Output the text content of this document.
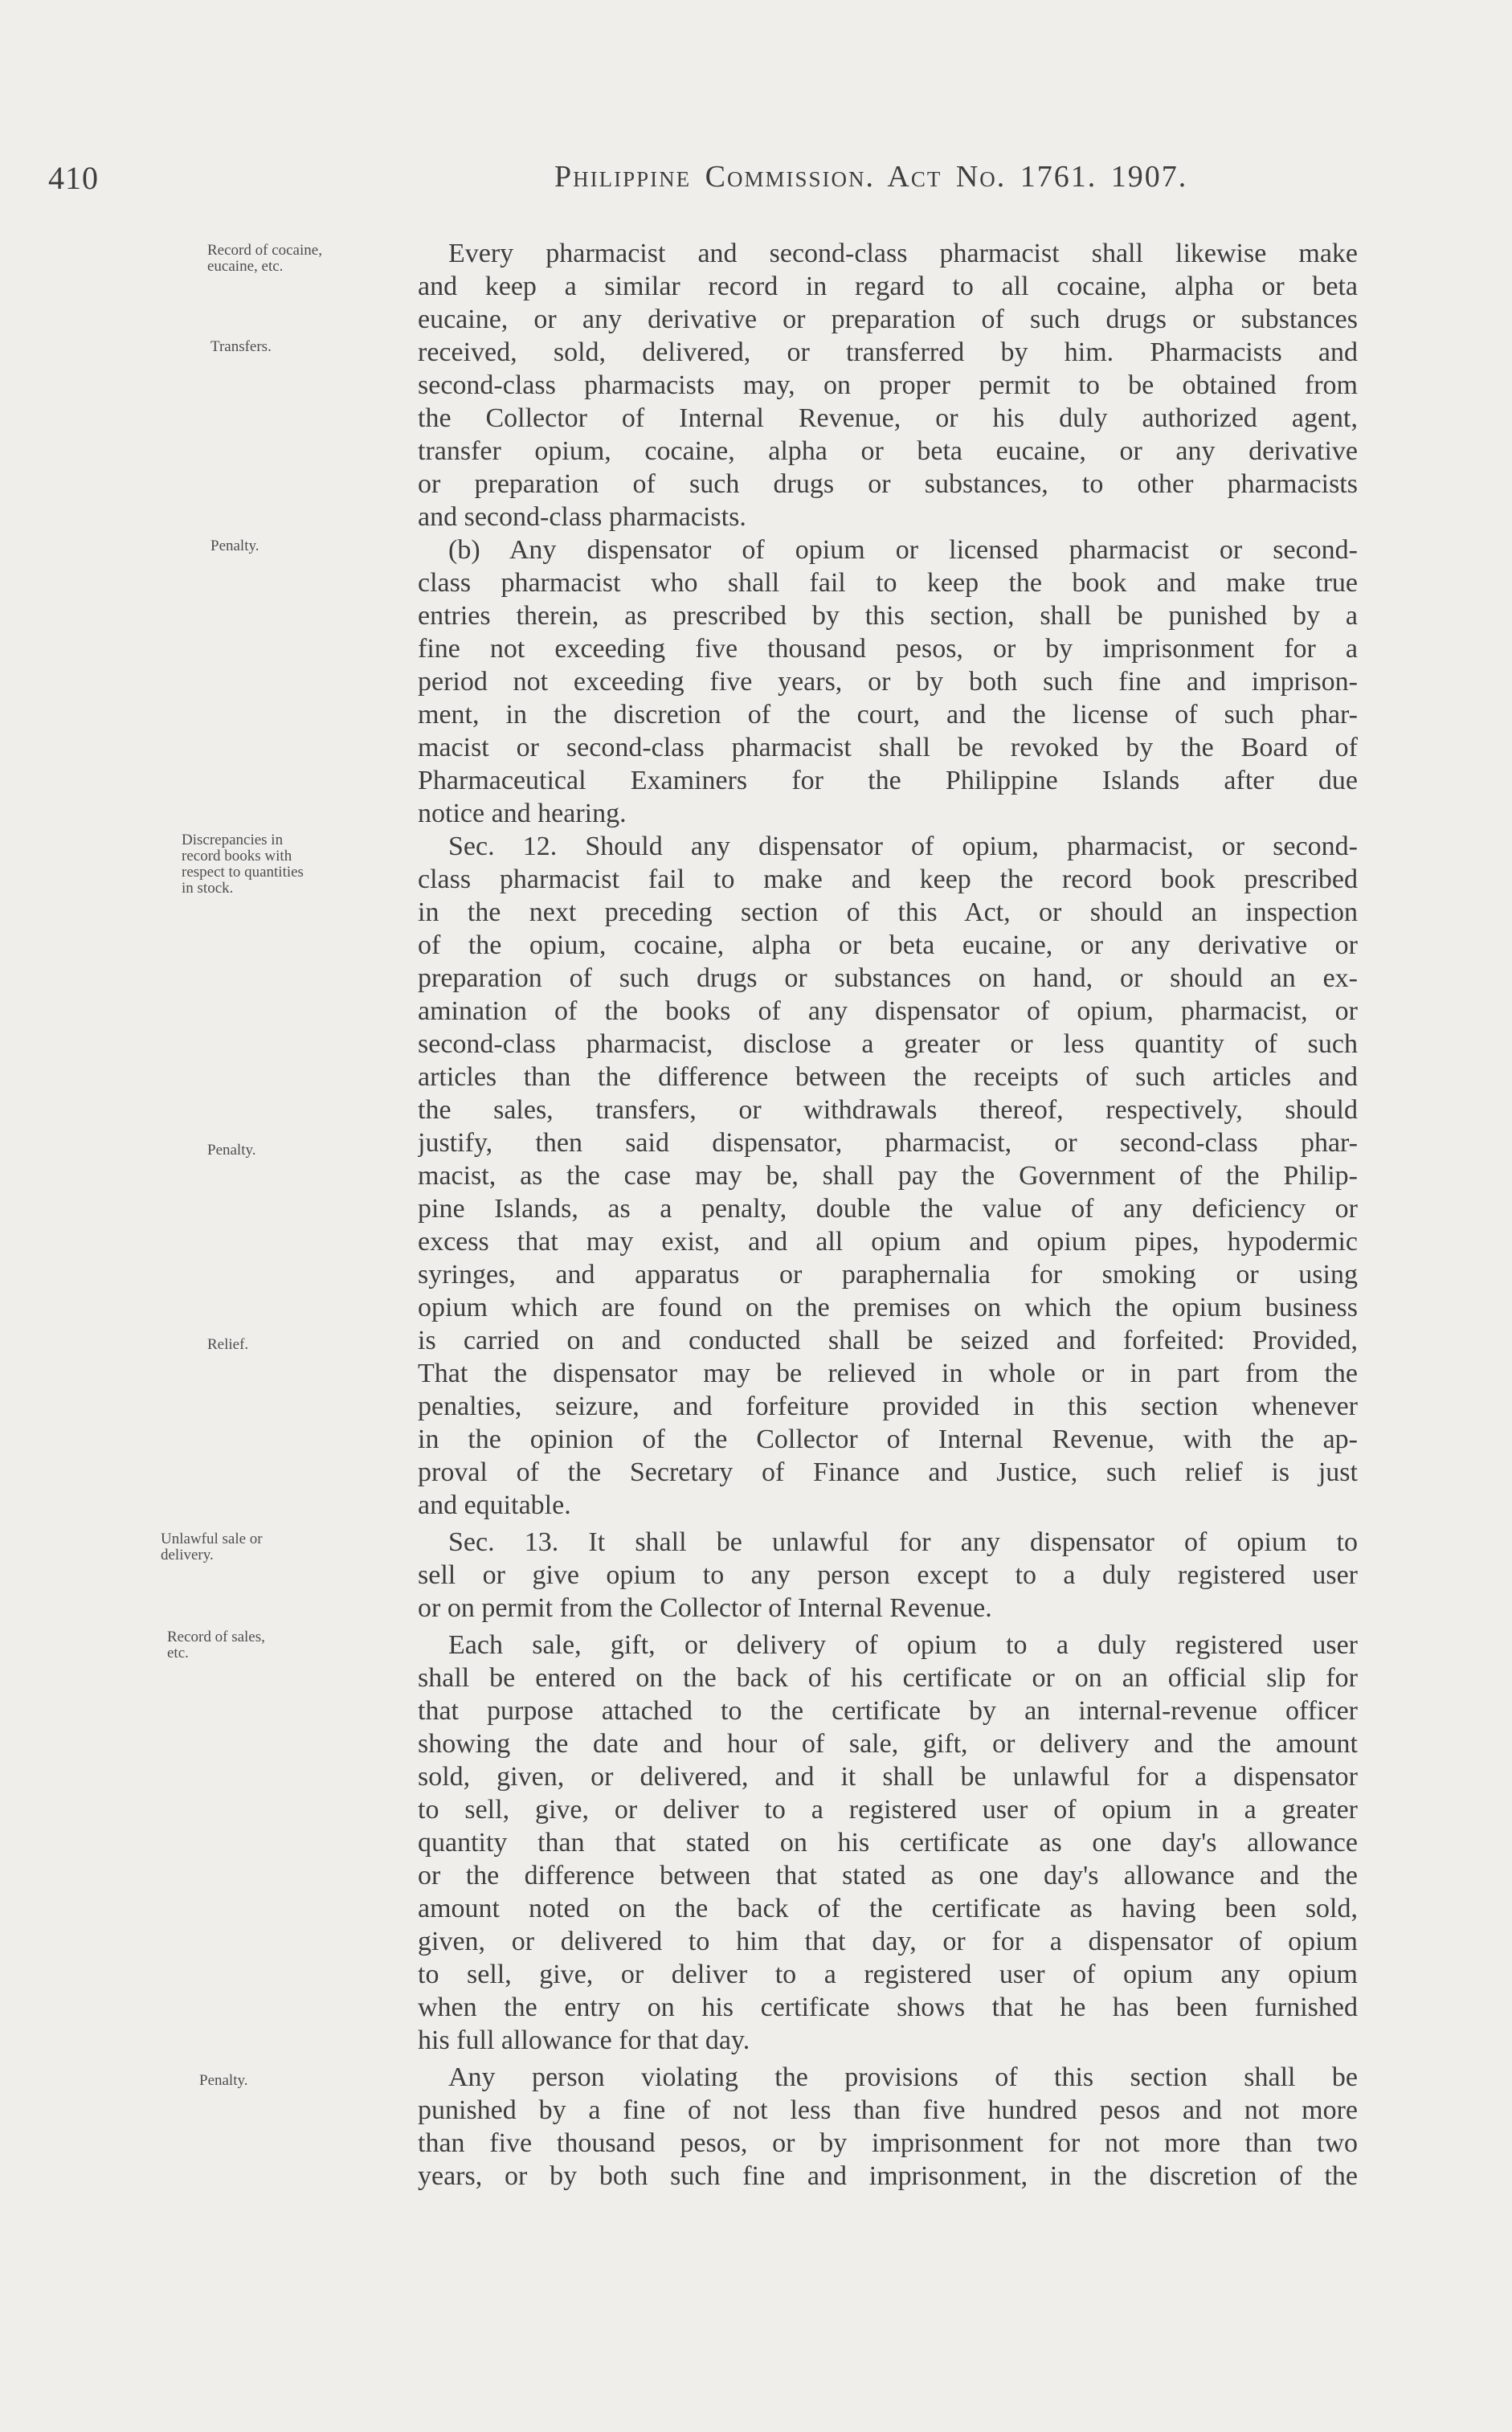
410	Philippine Commission. Act No. 1761. 1907.
Record of cocaine,
eucaine, etc.
Transfers.
Penalty.
Discrepancies in
record books with
respect to quantities
in stock.
Penalty.
Relief.
Unlawful sale or
delivery.
Record of sales,
etc.
Penalty.
Every pharmacist and second-class pharmacist shall likewise make
and keep a similar record in regard to all cocaine, alpha or beta
eucaine, or any derivative or preparation of such drugs or substances
received, sold, delivered, or transferred by him. Pharmacists and
second-class pharmacists may, on proper permit to be obtained from
the Collector of Internal Revenue, or his duly authorized agent,
transfer opium, cocaine, alpha or beta eucaine, or any derivative
or preparation of such drugs or substances, to other pharmacists
and second-class pharmacists.
(b) Any dispensator of opium or licensed pharmacist or second-
class pharmacist who shall fail to keep the book and make true
entries therein, as prescribed by this section, shall be punished by a
fine not exceeding five thousand pesos, or by imprisonment for a
period not exceeding five years, or by both such fine and imprison-
ment, in the discretion of the court, and the license of such phar-
macist or second-class pharmacist shall be revoked by the Board of
Pharmaceutical Examiners for the Philippine Islands after due
notice and hearing.
Sec. 12. Should any dispensator of opium, pharmacist, or second-
class pharmacist fail to make and keep the record book prescribed
in the next preceding section of this Act, or should an inspection
of the opium, cocaine, alpha or beta eucaine, or any derivative or
preparation of such drugs or substances on hand, or should an ex-
amination of the books of any dispensator of opium, pharmacist, or
second-class pharmacist, disclose a greater or less quantity of such
articles than the difference between the receipts of such articles and
the sales, transfers, or withdrawals thereof, respectively, should
justify, then said dispensator, pharmacist, or second-class phar-
macist, as the case may be, shall pay the Government of the Philip-
pine Islands, as a penalty, double the value of any deficiency or
excess that may exist, and all opium and opium pipes, hypodermic
syringes, and apparatus or paraphernalia for smoking or using
opium which are found on the premises on which the opium business
is carried on and conducted shall be seized and forfeited: Provided,
That the dispensator may be relieved in whole or in part from the
penalties, seizure, and forfeiture provided in this section whenever
in the opinion of the Collector of Internal Revenue, with the ap-
proval of the Secretary of Finance and Justice, such relief is just
and equitable.
Sec. 13. It shall be unlawful for any dispensator of opium to
sell or give opium to any person except to a duly registered user
or on permit from the Collector of Internal Revenue.
Each sale, gift, or delivery of opium to a duly registered user
shall be entered on the back of his certificate or on an official slip for
that purpose attached to the certificate by an internal-revenue officer
showing the date and hour of sale, gift, or delivery and the amount
sold, given, or delivered, and it shall be unlawful for a dispensator
to sell, give, or deliver to a registered user of opium in a greater
quantity than that stated on his certificate as one day's allowance
or the difference between that stated as one day's allowance and the
amount noted on the back of the certificate as having been sold,
given, or delivered to him that day, or for a dispensator of opium
to sell, give, or deliver to a registered user of opium any opium
when the entry on his certificate shows that he has been furnished
his full allowance for that day.
Any person violating the provisions of this section shall be
punished by a fine of not less than five hundred pesos and not more
than five thousand pesos, or by imprisonment for not more than two
years, or by both such fine and imprisonment, in the discretion of the
